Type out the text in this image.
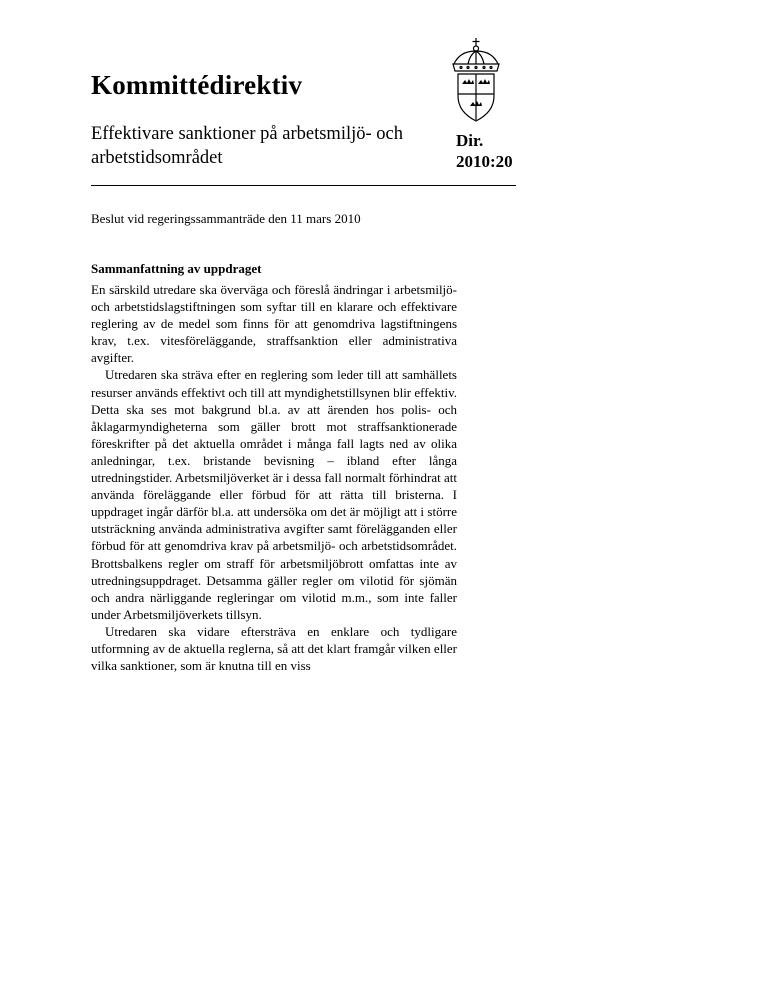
Kommittédirektiv
Effektivare sanktioner på arbetsmiljö- och arbetstidsområdet
Dir.
2010:20
Beslut vid regeringssammanträde den 11 mars 2010
Sammanfattning av uppdraget

En särskild utredare ska överväga och föreslå ändringar i arbetsmiljö- och arbetstidslagstiftningen som syftar till en klarare och effektivare reglering av de medel som finns för att genomdriva lagstiftningens krav, t.ex. vitesföreläggande, straffsanktion eller administrativa avgifter.

Utredaren ska sträva efter en reglering som leder till att samhällets resurser används effektivt och till att myndighetstillsynen blir effektiv. Detta ska ses mot bakgrund bl.a. av att ärenden hos polis- och åklagarmyndigheterna som gäller brott mot straffsanktionerade föreskrifter på det aktuella området i många fall lagts ned av olika anledningar, t.ex. bristande bevisning – ibland efter långa utredningstider. Arbetsmiljöverket är i dessa fall normalt förhindrat att använda föreläggande eller förbud för att rätta till bristerna. I uppdraget ingår därför bl.a. att undersöka om det är möjligt att i större utsträckning använda administrativa avgifter samt förelägganden eller förbud för att genomdriva krav på arbetsmiljö- och arbetstidsområdet. Brottsbalkens regler om straff för arbetsmiljöbrott omfattas inte av utredningsuppdraget. Detsamma gäller regler om vilotid för sjömän och andra närliggande regleringar om vilotid m.m., som inte faller under Arbetsmiljöverkets tillsyn.

Utredaren ska vidare eftersträva en enklare och tydligare utformning av de aktuella reglerna, så att det klart framgår vilken eller vilka sanktioner, som är knutna till en viss
